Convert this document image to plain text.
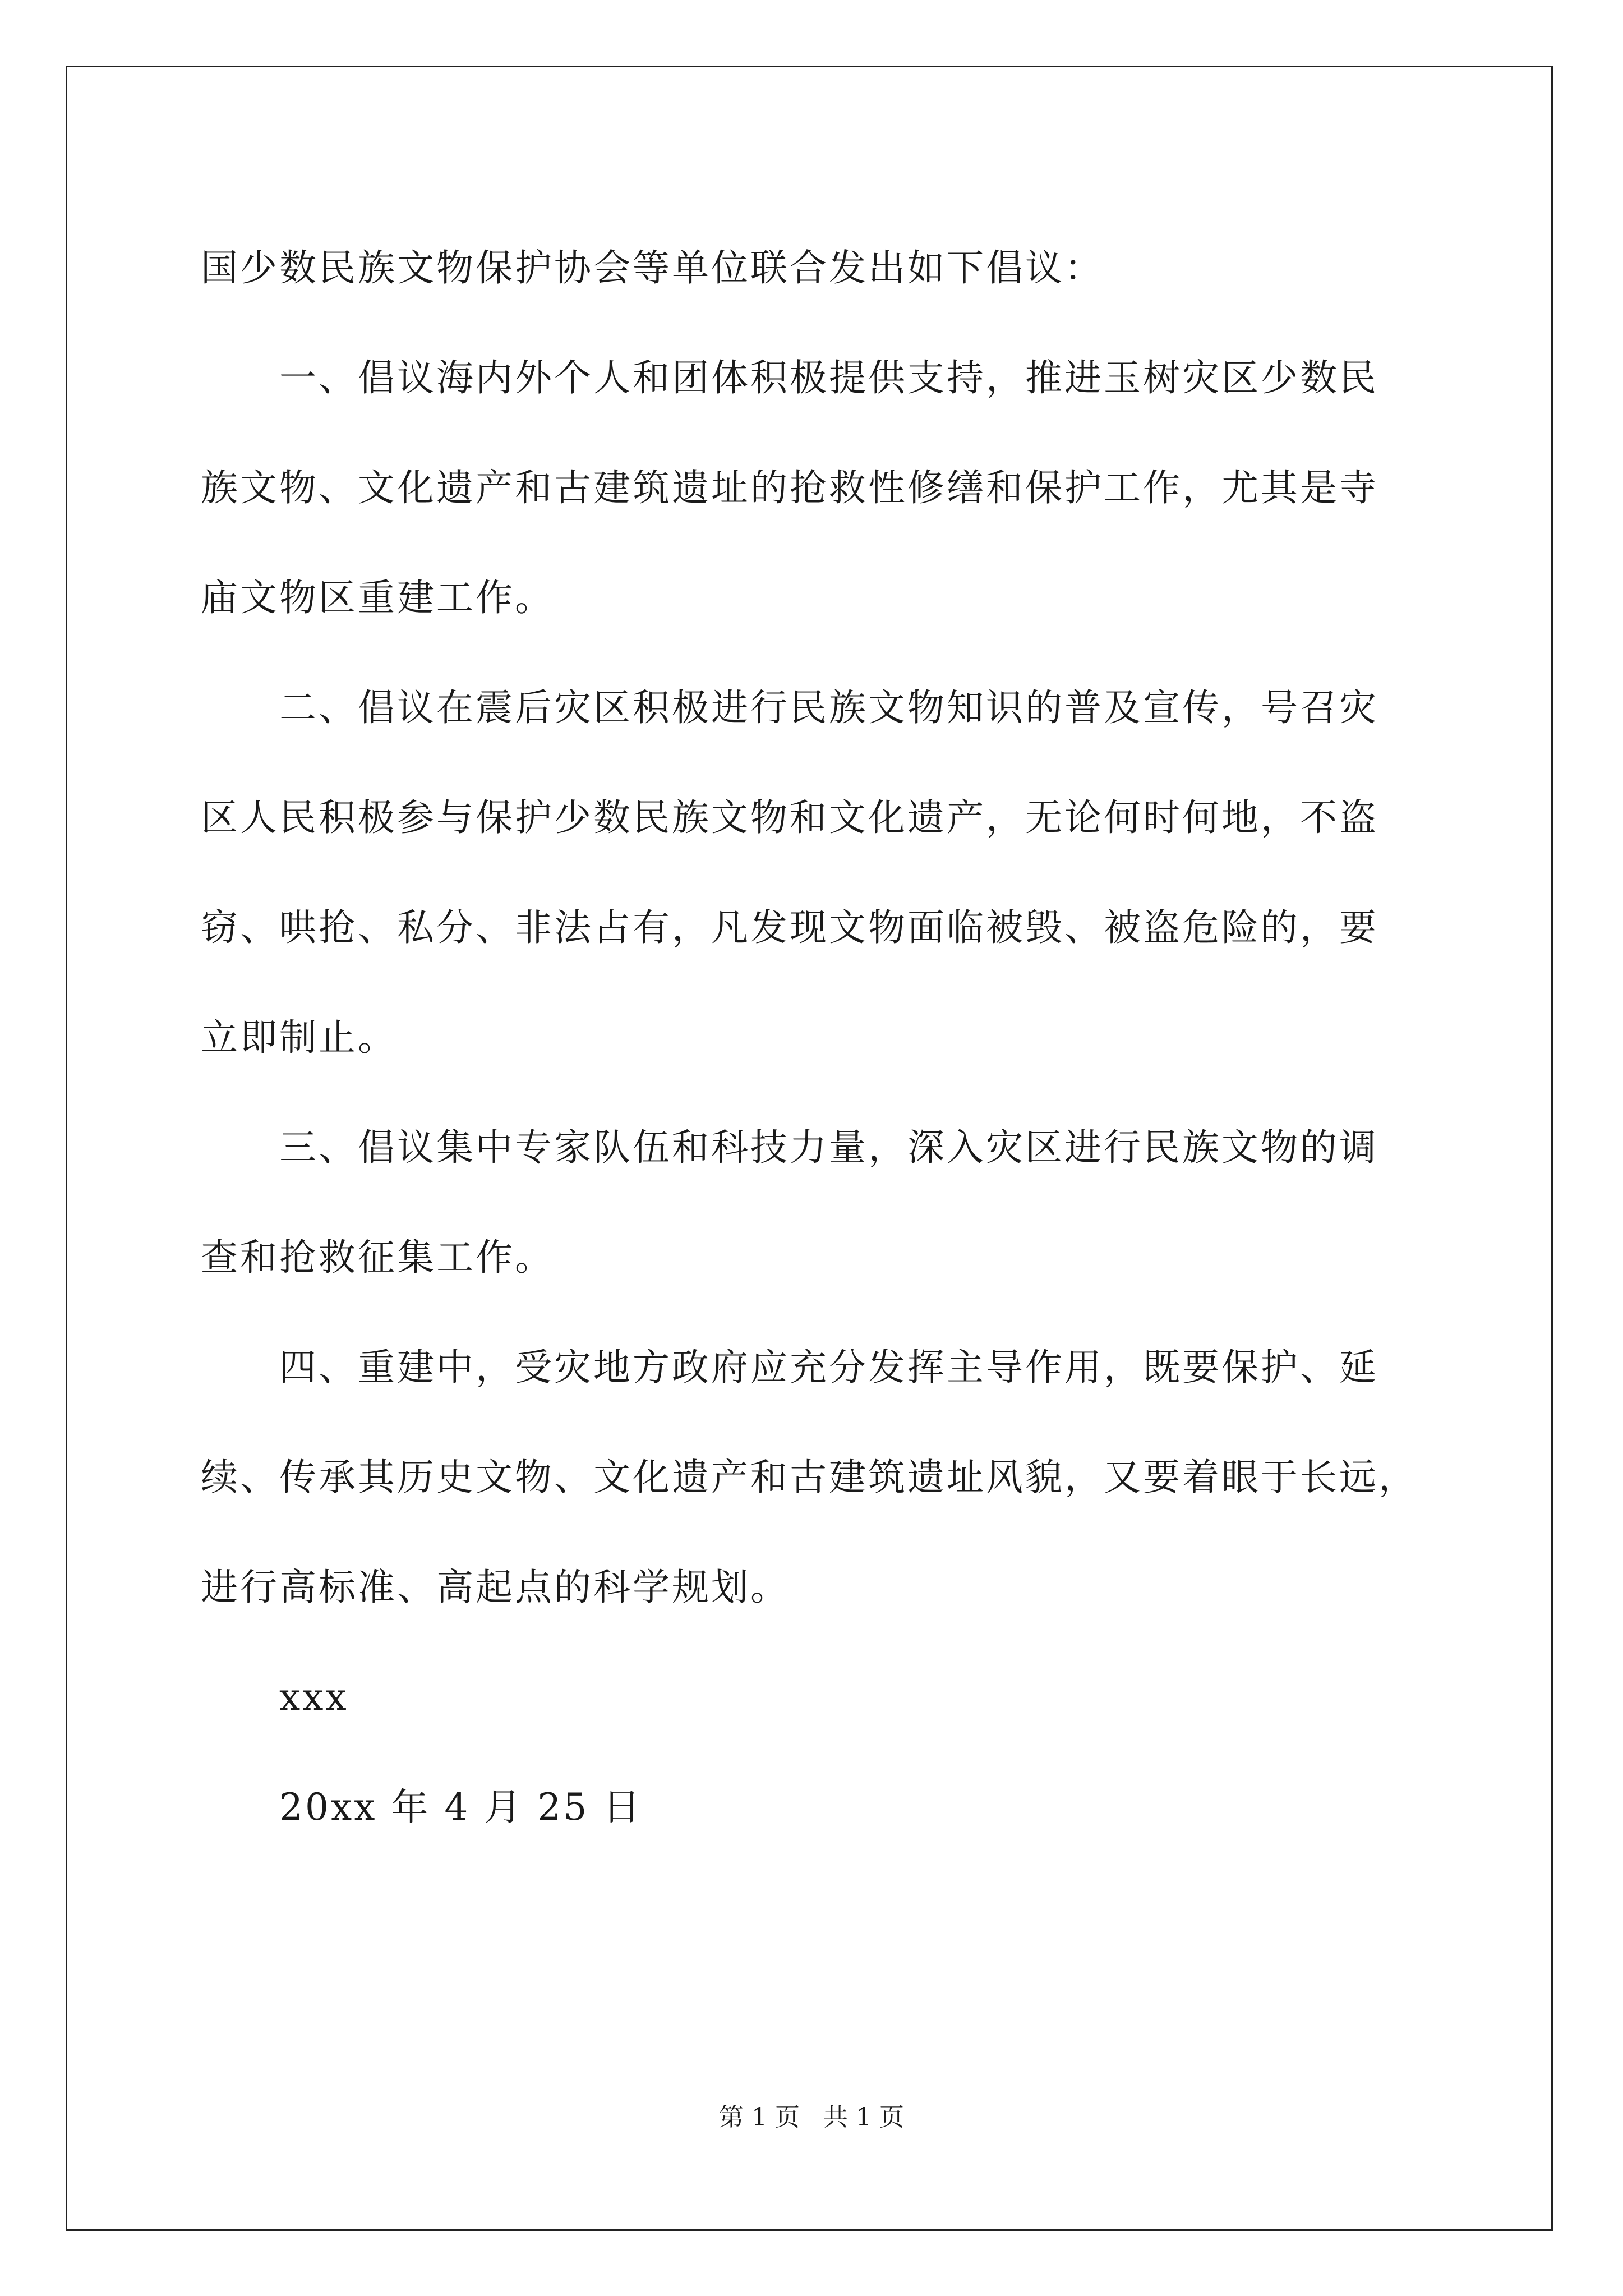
国少数民族文物保护协会等单位联合发出如下倡议：
一、倡议海内外个人和团体积极提供支持，推进玉树灾区少数民
族文物、文化遗产和古建筑遗址的抢救性修缮和保护工作，尤其是寺
庙文物区重建工作。
二、倡议在震后灾区积极进行民族文物知识的普及宣传，号召灾
区人民积极参与保护少数民族文物和文化遗产，无论何时何地，不盗
窃、哄抢、私分、非法占有，凡发现文物面临被毁、被盗危险的，要
立即制止。
三、倡议集中专家队伍和科技力量，深入灾区进行民族文物的调
查和抢救征集工作。
四、重建中，受灾地方政府应充分发挥主导作用，既要保护、延
续、传承其历史文物、文化遗产和古建筑遗址风貌，又要着眼于长远，
进行高标准、高起点的科学规划。
xxx
20xx 年 4 月 25 日
第 1 页   共 1 页
